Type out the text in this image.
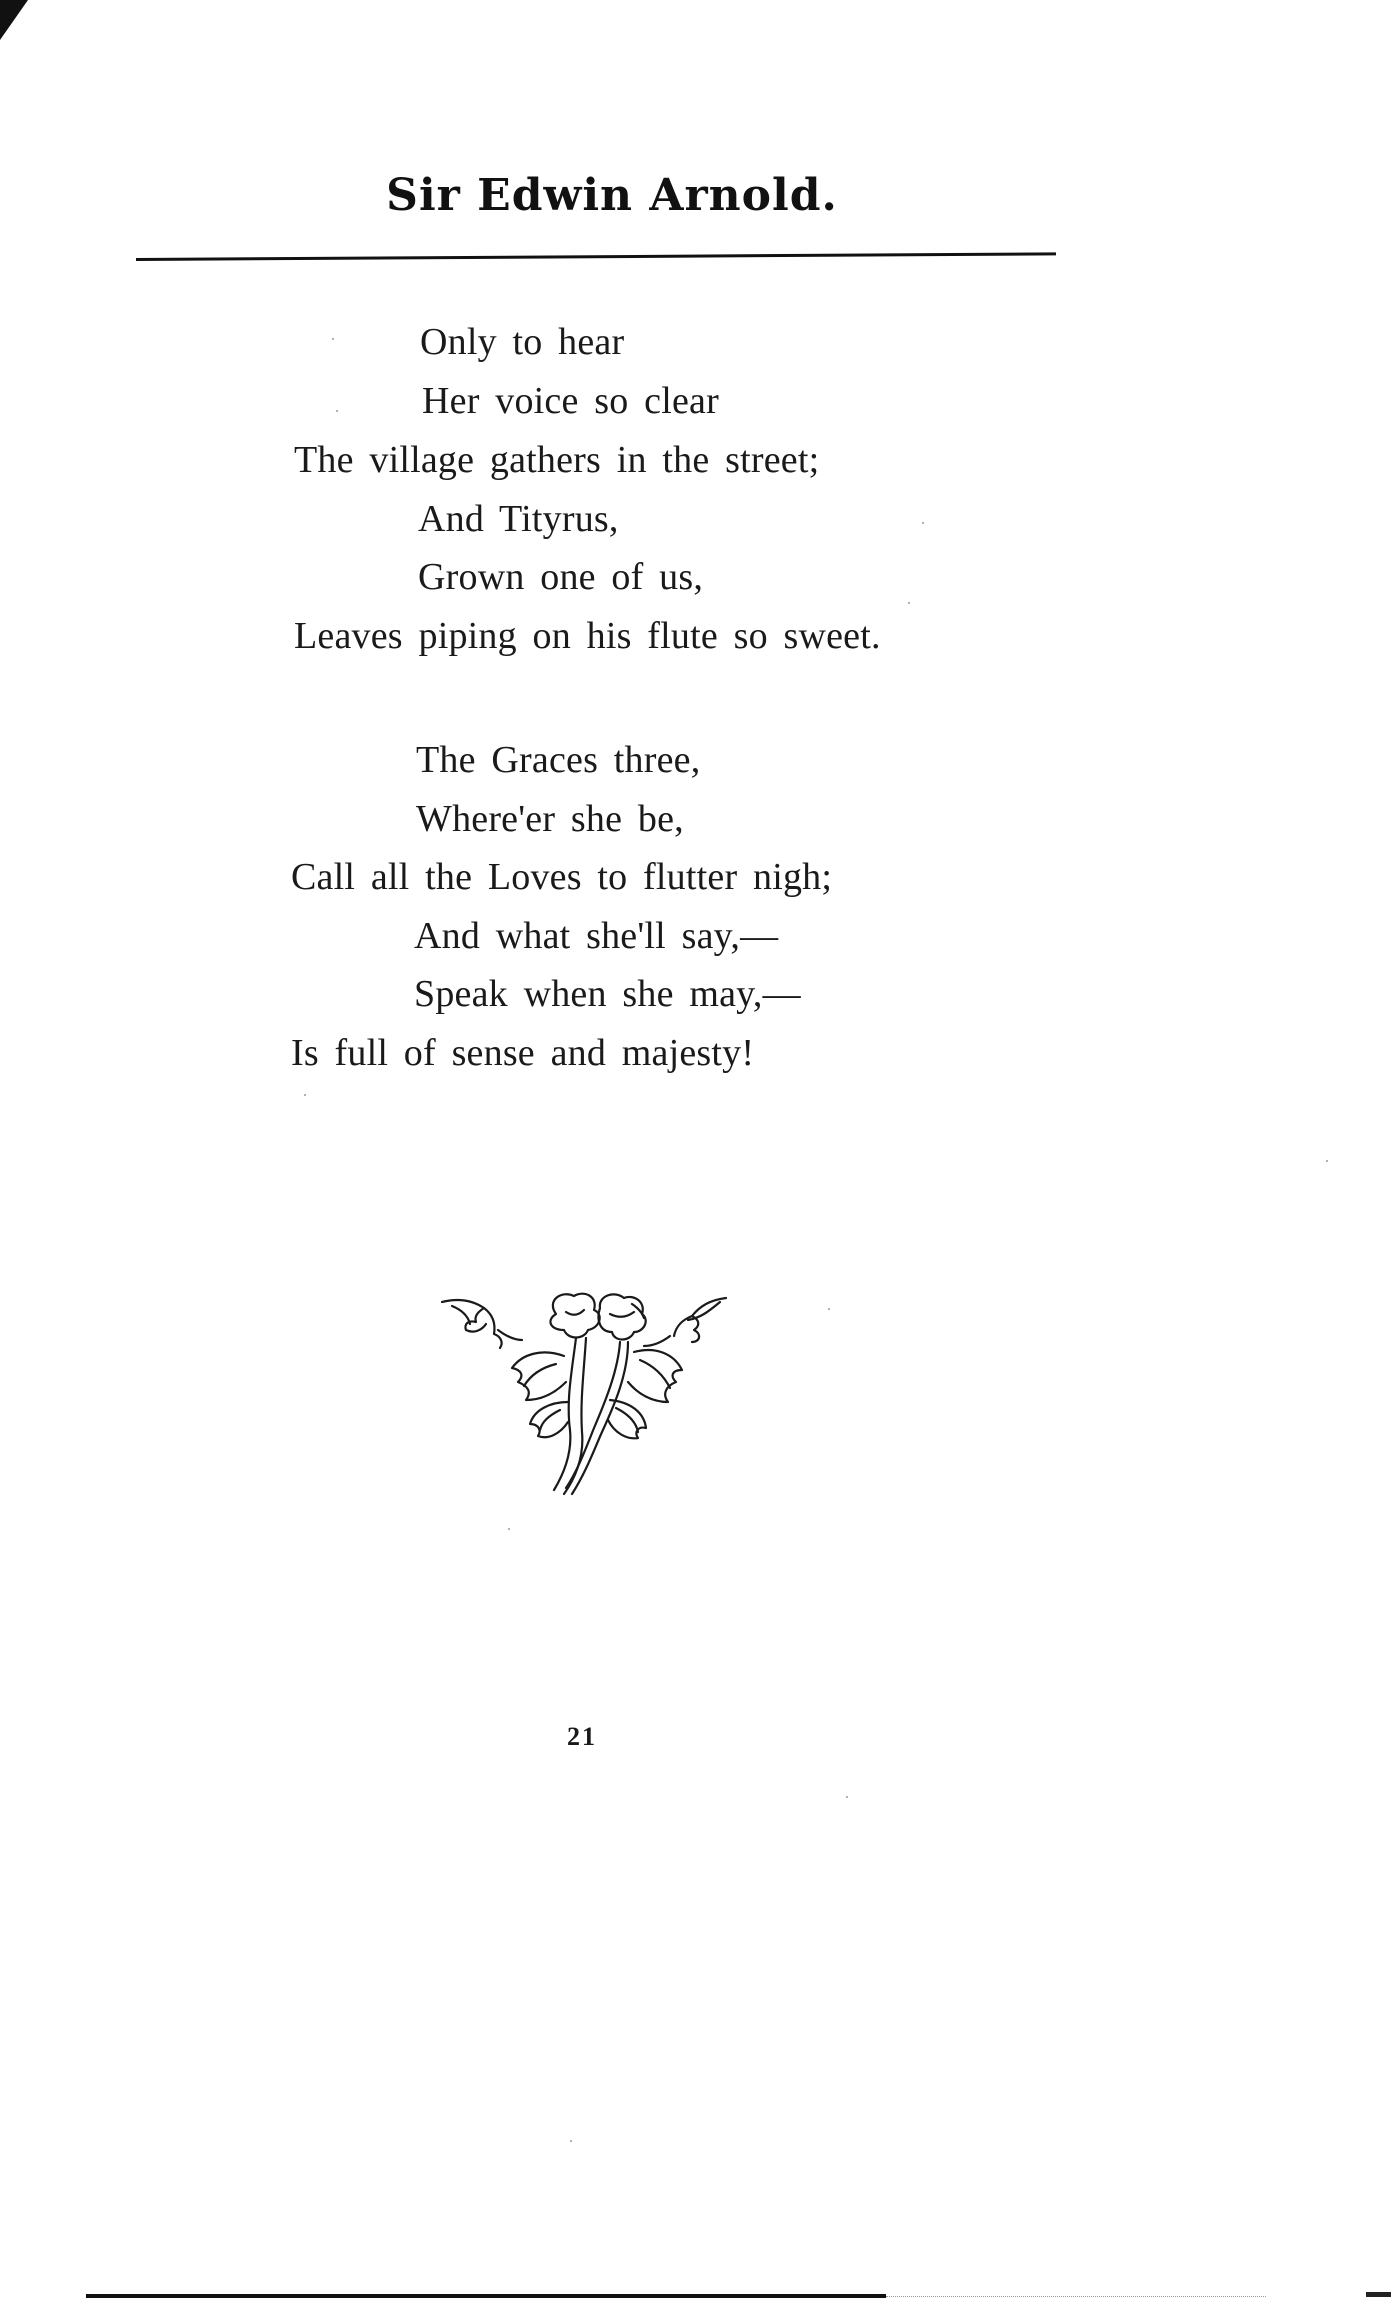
Sir Edwin Arnold.
Only to hear
Her voice so clear
The village gathers in the street;
And Tityrus,
Grown one of us,
Leaves piping on his flute so sweet.
The Graces three,
Where'er she be,
Call all the Loves to flutter nigh;
And what she'll say,—
Speak when she may,—
Is full of sense and majesty!
21
